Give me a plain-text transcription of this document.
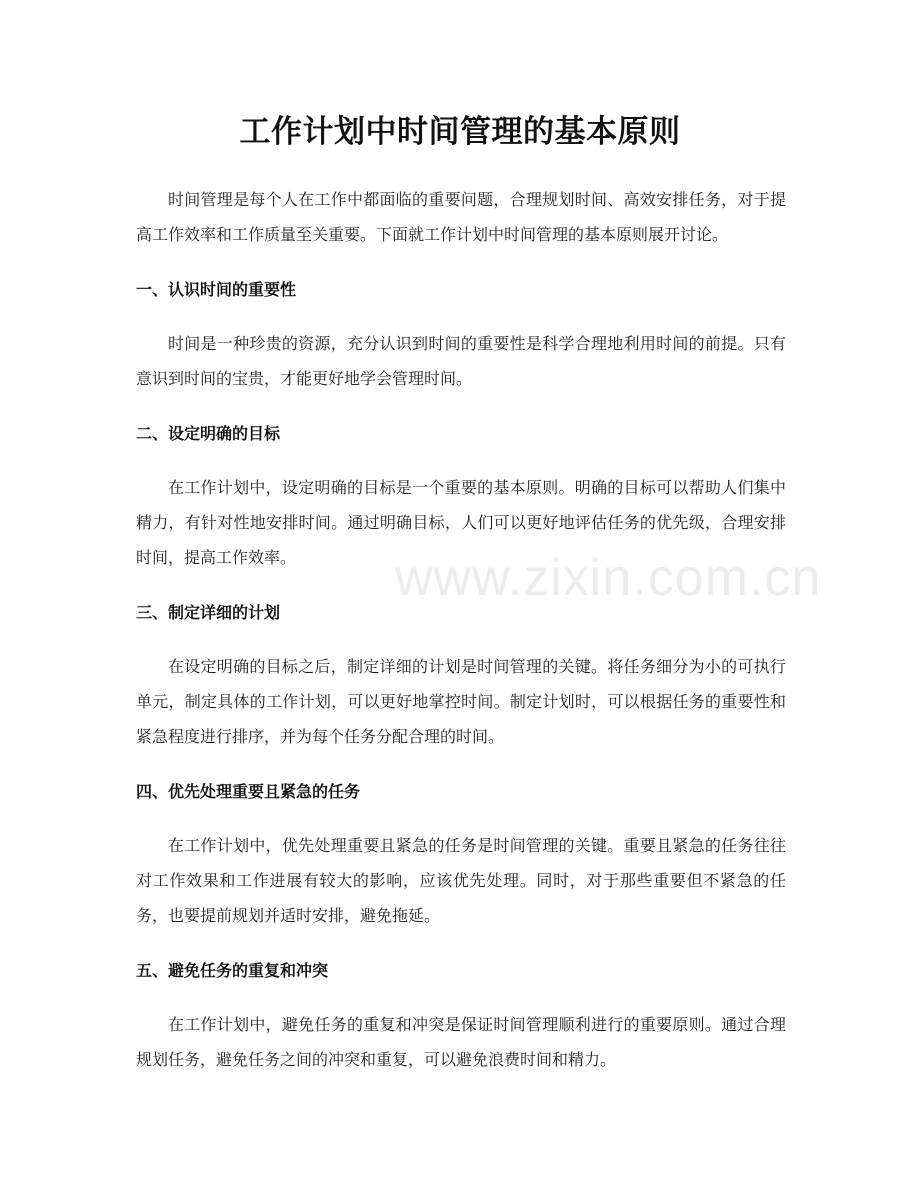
工作计划中时间管理的基本原则

时间管理是每个人在工作中都面临的重要问题，合理规划时间、高效安排任务，对于提高工作效率和工作质量至关重要。下面就工作计划中时间管理的基本原则展开讨论。

一、认识时间的重要性

时间是一种珍贵的资源，充分认识到时间的重要性是科学合理地利用时间的前提。只有意识到时间的宝贵，才能更好地学会管理时间。

二、设定明确的目标

在工作计划中，设定明确的目标是一个重要的基本原则。明确的目标可以帮助人们集中精力，有针对性地安排时间。通过明确目标，人们可以更好地评估任务的优先级，合理安排时间，提高工作效率。

三、制定详细的计划

在设定明确的目标之后，制定详细的计划是时间管理的关键。将任务细分为小的可执行单元，制定具体的工作计划，可以更好地掌控时间。制定计划时，可以根据任务的重要性和紧急程度进行排序，并为每个任务分配合理的时间。

四、优先处理重要且紧急的任务

在工作计划中，优先处理重要且紧急的任务是时间管理的关键。重要且紧急的任务往往对工作效果和工作进展有较大的影响，应该优先处理。同时，对于那些重要但不紧急的任务，也要提前规划并适时安排，避免拖延。

五、避免任务的重复和冲突

在工作计划中，避免任务的重复和冲突是保证时间管理顺利进行的重要原则。通过合理规划任务，避免任务之间的冲突和重复，可以避免浪费时间和精力。

www.zixin.com.cn
